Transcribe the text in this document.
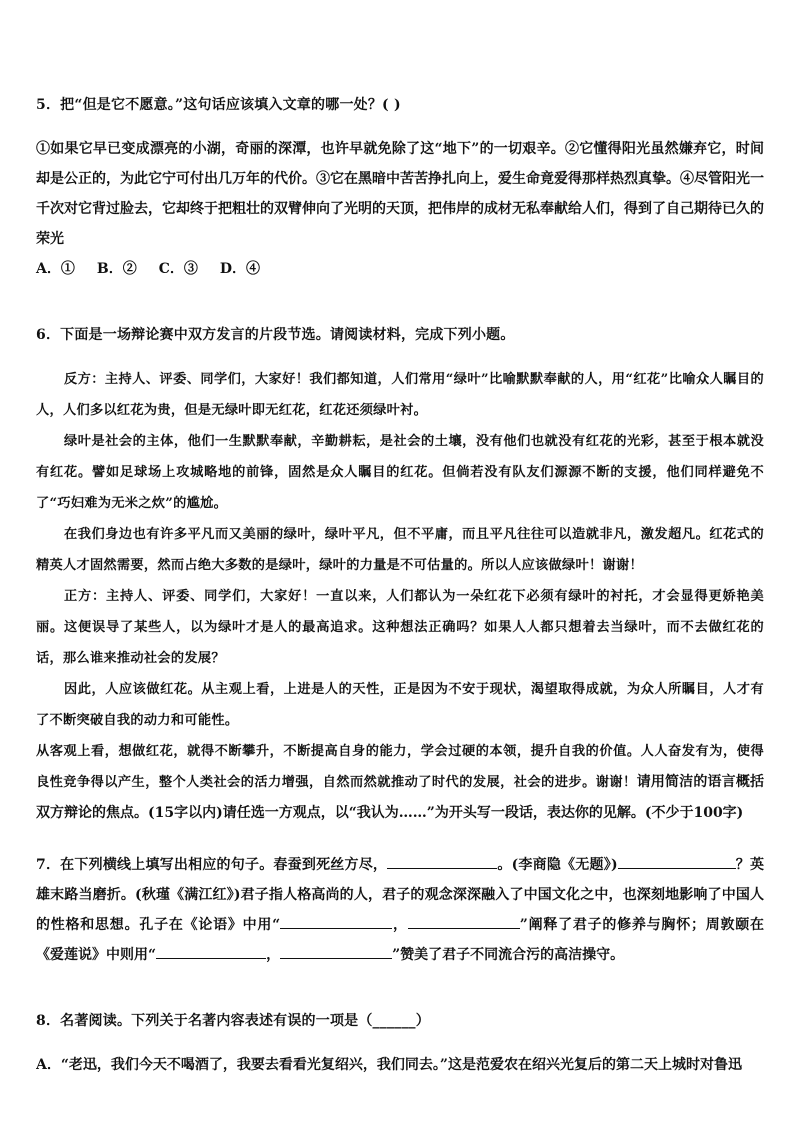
5．把“但是它不愿意。”这句话应该填入文章的哪一处？( )

①如果它早已变成漂亮的小湖，奇丽的深潭，也许早就免除了这“地下”的一切艰辛。②它懂得阳光虽然嫌弃它，时间却是公正的，为此它宁可付出几万年的代价。③它在黑暗中苦苦挣扎向上，爱生命竟爱得那样热烈真挚。④尽管阳光一千次对它背过脸去，它却终于把粗壮的双臂伸向了光明的天顶，把伟岸的成材无私奉献给人们，得到了自己期待已久的荣光

A．① B．② C．③ D．④

6．下面是一场辩论赛中双方发言的片段节选。请阅读材料，完成下列小题。

反方：主持人、评委、同学们，大家好！我们都知道，人们常用“绿叶”比喻默默奉献的人，用“红花”比喻众人瞩目的人，人们多以红花为贵，但是无绿叶即无红花，红花还须绿叶衬。

绿叶是社会的主体，他们一生默默奉献，辛勤耕耘，是社会的土壤，没有他们也就没有红花的光彩，甚至于根本就没有红花。譬如足球场上攻城略地的前锋，固然是众人瞩目的红花。但倘若没有队友们源源不断的支援，他们同样避免不了“巧妇难为无米之炊”的尴尬。

在我们身边也有许多平凡而又美丽的绿叶，绿叶平凡，但不平庸，而且平凡往往可以造就非凡，激发超凡。红花式的精英人才固然需要，然而占绝大多数的是绿叶，绿叶的力量是不可估量的。所以人应该做绿叶！谢谢！

正方：主持人、评委、同学们，大家好！一直以来，人们都认为一朵红花下必须有绿叶的衬托，才会显得更娇艳美丽。这便误导了某些人，以为绿叶才是人的最高追求。这种想法正确吗？如果人人都只想着去当绿叶，而不去做红花的话，那么谁来推动社会的发展？

因此，人应该做红花。从主观上看，上进是人的天性，正是因为不安于现状，渴望取得成就，为众人所瞩目，人才有了不断突破自我的动力和可能性。

从客观上看，想做红花，就得不断攀升，不断提高自身的能力，学会过硬的本领，提升自我的价值。人人奋发有为，使得良性竞争得以产生，整个人类社会的活力增强，自然而然就推动了时代的发展，社会的进步。谢谢！请用简洁的语言概括双方辩论的焦点。(15字以内)请任选一方观点，以“我认为……”为开头写一段话，表达你的见解。(不少于100字)

7．在下列横线上填写出相应的句子。春蚕到死丝方尽，	。(李商隐《无题》)	？英雄末路当磨折。(秋瑾《满江红》)君子指人格高尚的人，君子的观念深深融入了中国文化之中，也深刻地影响了中国人的性格和思想。孔子在《论语》中用“	，	”阐释了君子的修养与胸怀；周敦颐在《爱莲说》中则用“	，	”赞美了君子不同流合污的高洁操守。

8．名著阅读。下列关于名著内容表述有误的一项是（______）

A．“老迅，我们今天不喝酒了，我要去看看光复绍兴，我们同去。”这是范爱农在绍兴光复后的第二天上城时对鲁迅
